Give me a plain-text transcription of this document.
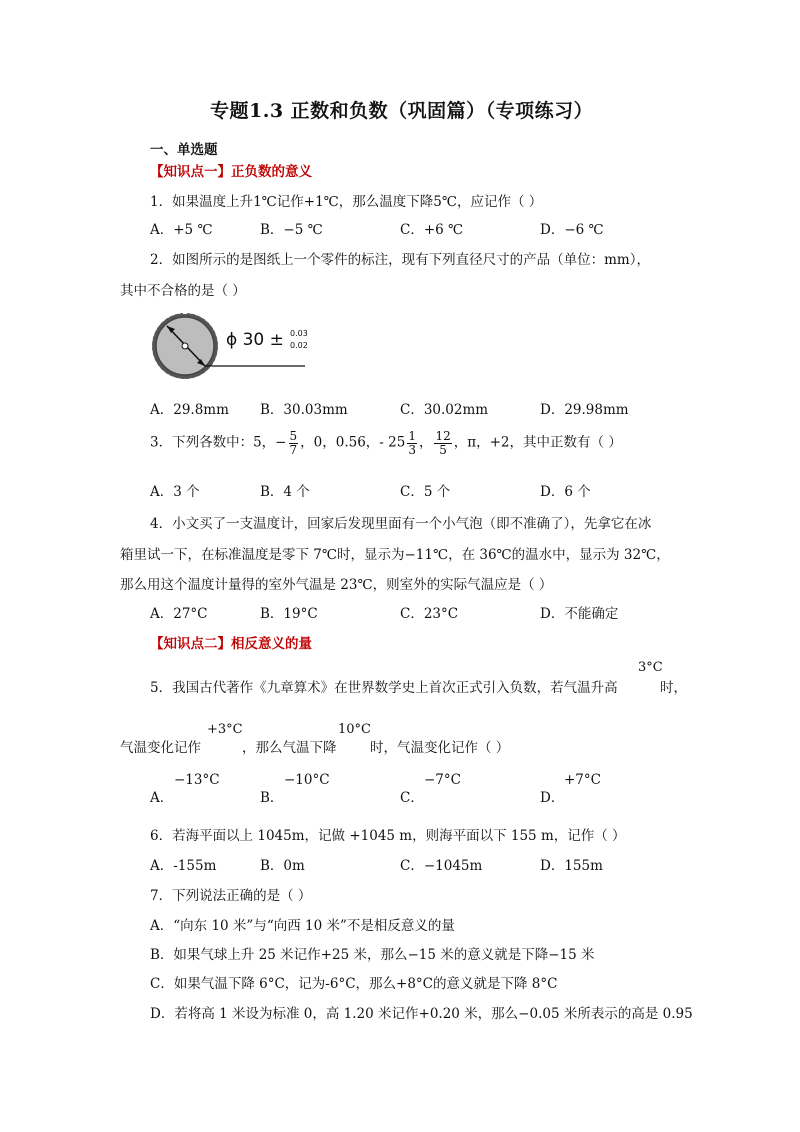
专题1.3 正数和负数（巩固篇）（专项练习）
一、单选题
【知识点一】正负数的意义
1．如果温度上升1℃记作+1℃，那么温度下降5℃，应记作（ ）
A．+5 ℃	B．−5 ℃	C．+6 ℃	D．−6 ℃
2．如图所示的是图纸上一个零件的标注，现有下列直径尺寸的产品（单位：mm），
其中不合格的是（ ）
ϕ 30 ± 0.03
0.02
A．29.8mm B．30.03mm	C．30.02mm	D．29.98mm
3．下列各数中：5，− $\frac{5}{7}$ ，0，0.56，- $25 \frac{1}{3}$ ， $\frac{12}{5}$ ，π，+2，其中正数有（ ）
A．3 个	B．4 个	C．5 个	D．6 个
4．小文买了一支温度计，回家后发现里面有一个小气泡（即不准确了），先拿它在冰
箱里试一下，在标准温度是零下 7℃时，显示为−11℃，在 36℃的温水中，显示为 32℃，
那么用这个温度计量得的室外气温是 23℃，则室外的实际气温应是（ ）
A．27°C	B．19°C	C．23°C	D．不能确定
【知识点二】相反意义的量
5．我国古代著作《九章算术》在世界数学史上首次正式引入负数，若气温升高
3°C
时，
气温变化记作
+3°C
，那么气温下降
10°C
时，气温变化记作（ ）
A．
−13°C
B．
−10°C
C．
−7°C
D．
+7°C
6．若海平面以上 1045m，记做 +1045 m，则海平面以下 155 m，记作（ ）
A．-155m	B．0m	C．−1045m	D．155m
7．下列说法正确的是（ ）
A．“向东 10 米”与“向西 10 米”不是相反意义的量
B．如果气球上升 25 米记作+25 米，那么−15 米的意义就是下降−15 米
C．如果气温下降 6°C，记为-6°C，那么+8°C的意义就是下降 8°C
D．若将高 1 米设为标准 0，高 1.20 米记作+0.20 米，那么−0.05 米所表示的高是 0.95
